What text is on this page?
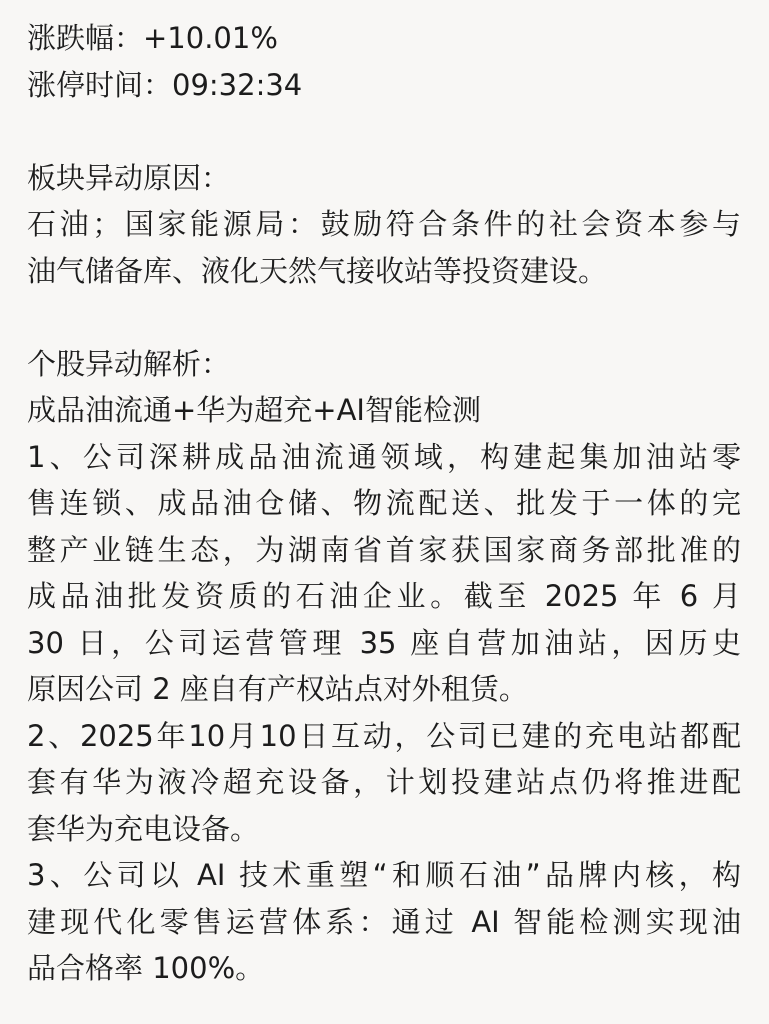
涨跌幅：+10.01%
涨停时间：09:32:34
板块异动原因：
石油；国家能源局：鼓励符合条件的社会资本参与
油气储备库、液化天然气接收站等投资建设。
个股异动解析：
成品油流通+华为超充+AI智能检测
1、公司深耕成品油流通领域，构建起集加油站零
售连锁、成品油仓储、物流配送、批发于一体的完
整产业链生态，为湖南省首家获国家商务部批准的
成品油批发资质的石油企业。截至 2025 年 6 月
30 日，公司运营管理 35 座自营加油站，因历史
原因公司 2 座自有产权站点对外租赁。
2、2025年10月10日互动，公司已建的充电站都配
套有华为液冷超充设备，计划投建站点仍将推进配
套华为充电设备。
3、公司以 AI 技术重塑“和顺石油”品牌内核，构
建现代化零售运营体系：通过 AI 智能检测实现油
品合格率 100%。
